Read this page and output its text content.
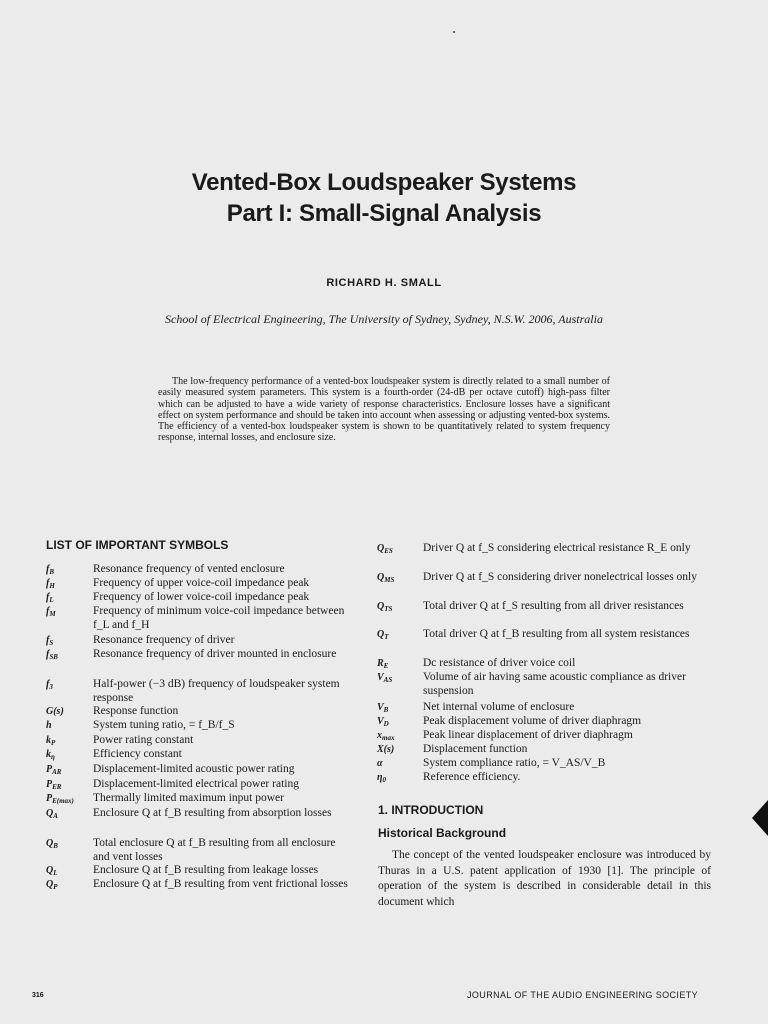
Vented-Box Loudspeaker Systems
Part I: Small-Signal Analysis
RICHARD H. SMALL
School of Electrical Engineering, The University of Sydney, Sydney, N.S.W. 2006, Australia
The low-frequency performance of a vented-box loudspeaker system is directly related to a small number of easily measured system parameters. This system is a fourth-order (24-dB per octave cutoff) high-pass filter which can be adjusted to have a wide variety of response characteristics. Enclosure losses have a significant effect on system performance and should be taken into account when assessing or adjusting vented-box systems. The efficiency of a vented-box loudspeaker system is shown to be quantitatively related to system frequency response, internal losses, and enclosure size.
LIST OF IMPORTANT SYMBOLS
$f_B$	Resonance frequency of vented enclosure
$f_H$	Frequency of upper voice-coil impedance peak
$f_L$	Frequency of lower voice-coil impedance peak
$f_M$	Frequency of minimum voice-coil impedance between f_L and f_H
$f_S$	Resonance frequency of driver
$f_{SB}$	Resonance frequency of driver mounted in enclosure
$f_3$	Half-power (−3 dB) frequency of loudspeaker system response
G(s)	Response function
h	System tuning ratio, = f_B/f_S
$k_P$	Power rating constant
$k_\eta$	Efficiency constant
$P_{AR}$	Displacement-limited acoustic power rating
$P_{ER}$	Displacement-limited electrical power rating
$P_{E(max)}$ Thermally limited maximum input power
$Q_A$	Enclosure Q at f_B resulting from absorption losses
$Q_B$	Total enclosure Q at f_B resulting from all enclosure and vent losses
$Q_L$	Enclosure Q at f_B resulting from leakage losses
$Q_P$	Enclosure Q at f_B resulting from vent frictional losses
$Q_{ES}$	Driver Q at f_S considering electrical resistance R_E only
$Q_{MS}$ Driver Q at f_S considering driver nonelectrical losses only
$Q_{TS}$	Total driver Q at f_S resulting from all driver resistances
$Q_T$	Total driver Q at f_B resulting from all system resistances
$R_E$	Dc resistance of driver voice coil
$V_{AS}$	Volume of air having same acoustic compliance as driver suspension
$V_B$	Net internal volume of enclosure
$V_D$	Peak displacement volume of driver diaphragm
$x_{max}$ Peak linear displacement of driver diaphragm
X(s)	Displacement function
α	System compliance ratio, = V_AS/V_B
$\eta_0$	Reference efficiency.
1. INTRODUCTION
Historical Background
The concept of the vented loudspeaker enclosure was introduced by Thuras in a U.S. patent application of 1930 [1]. The principle of operation of the system is described in considerable detail in this document which
316	JOURNAL OF THE AUDIO ENGINEERING SOCIETY
